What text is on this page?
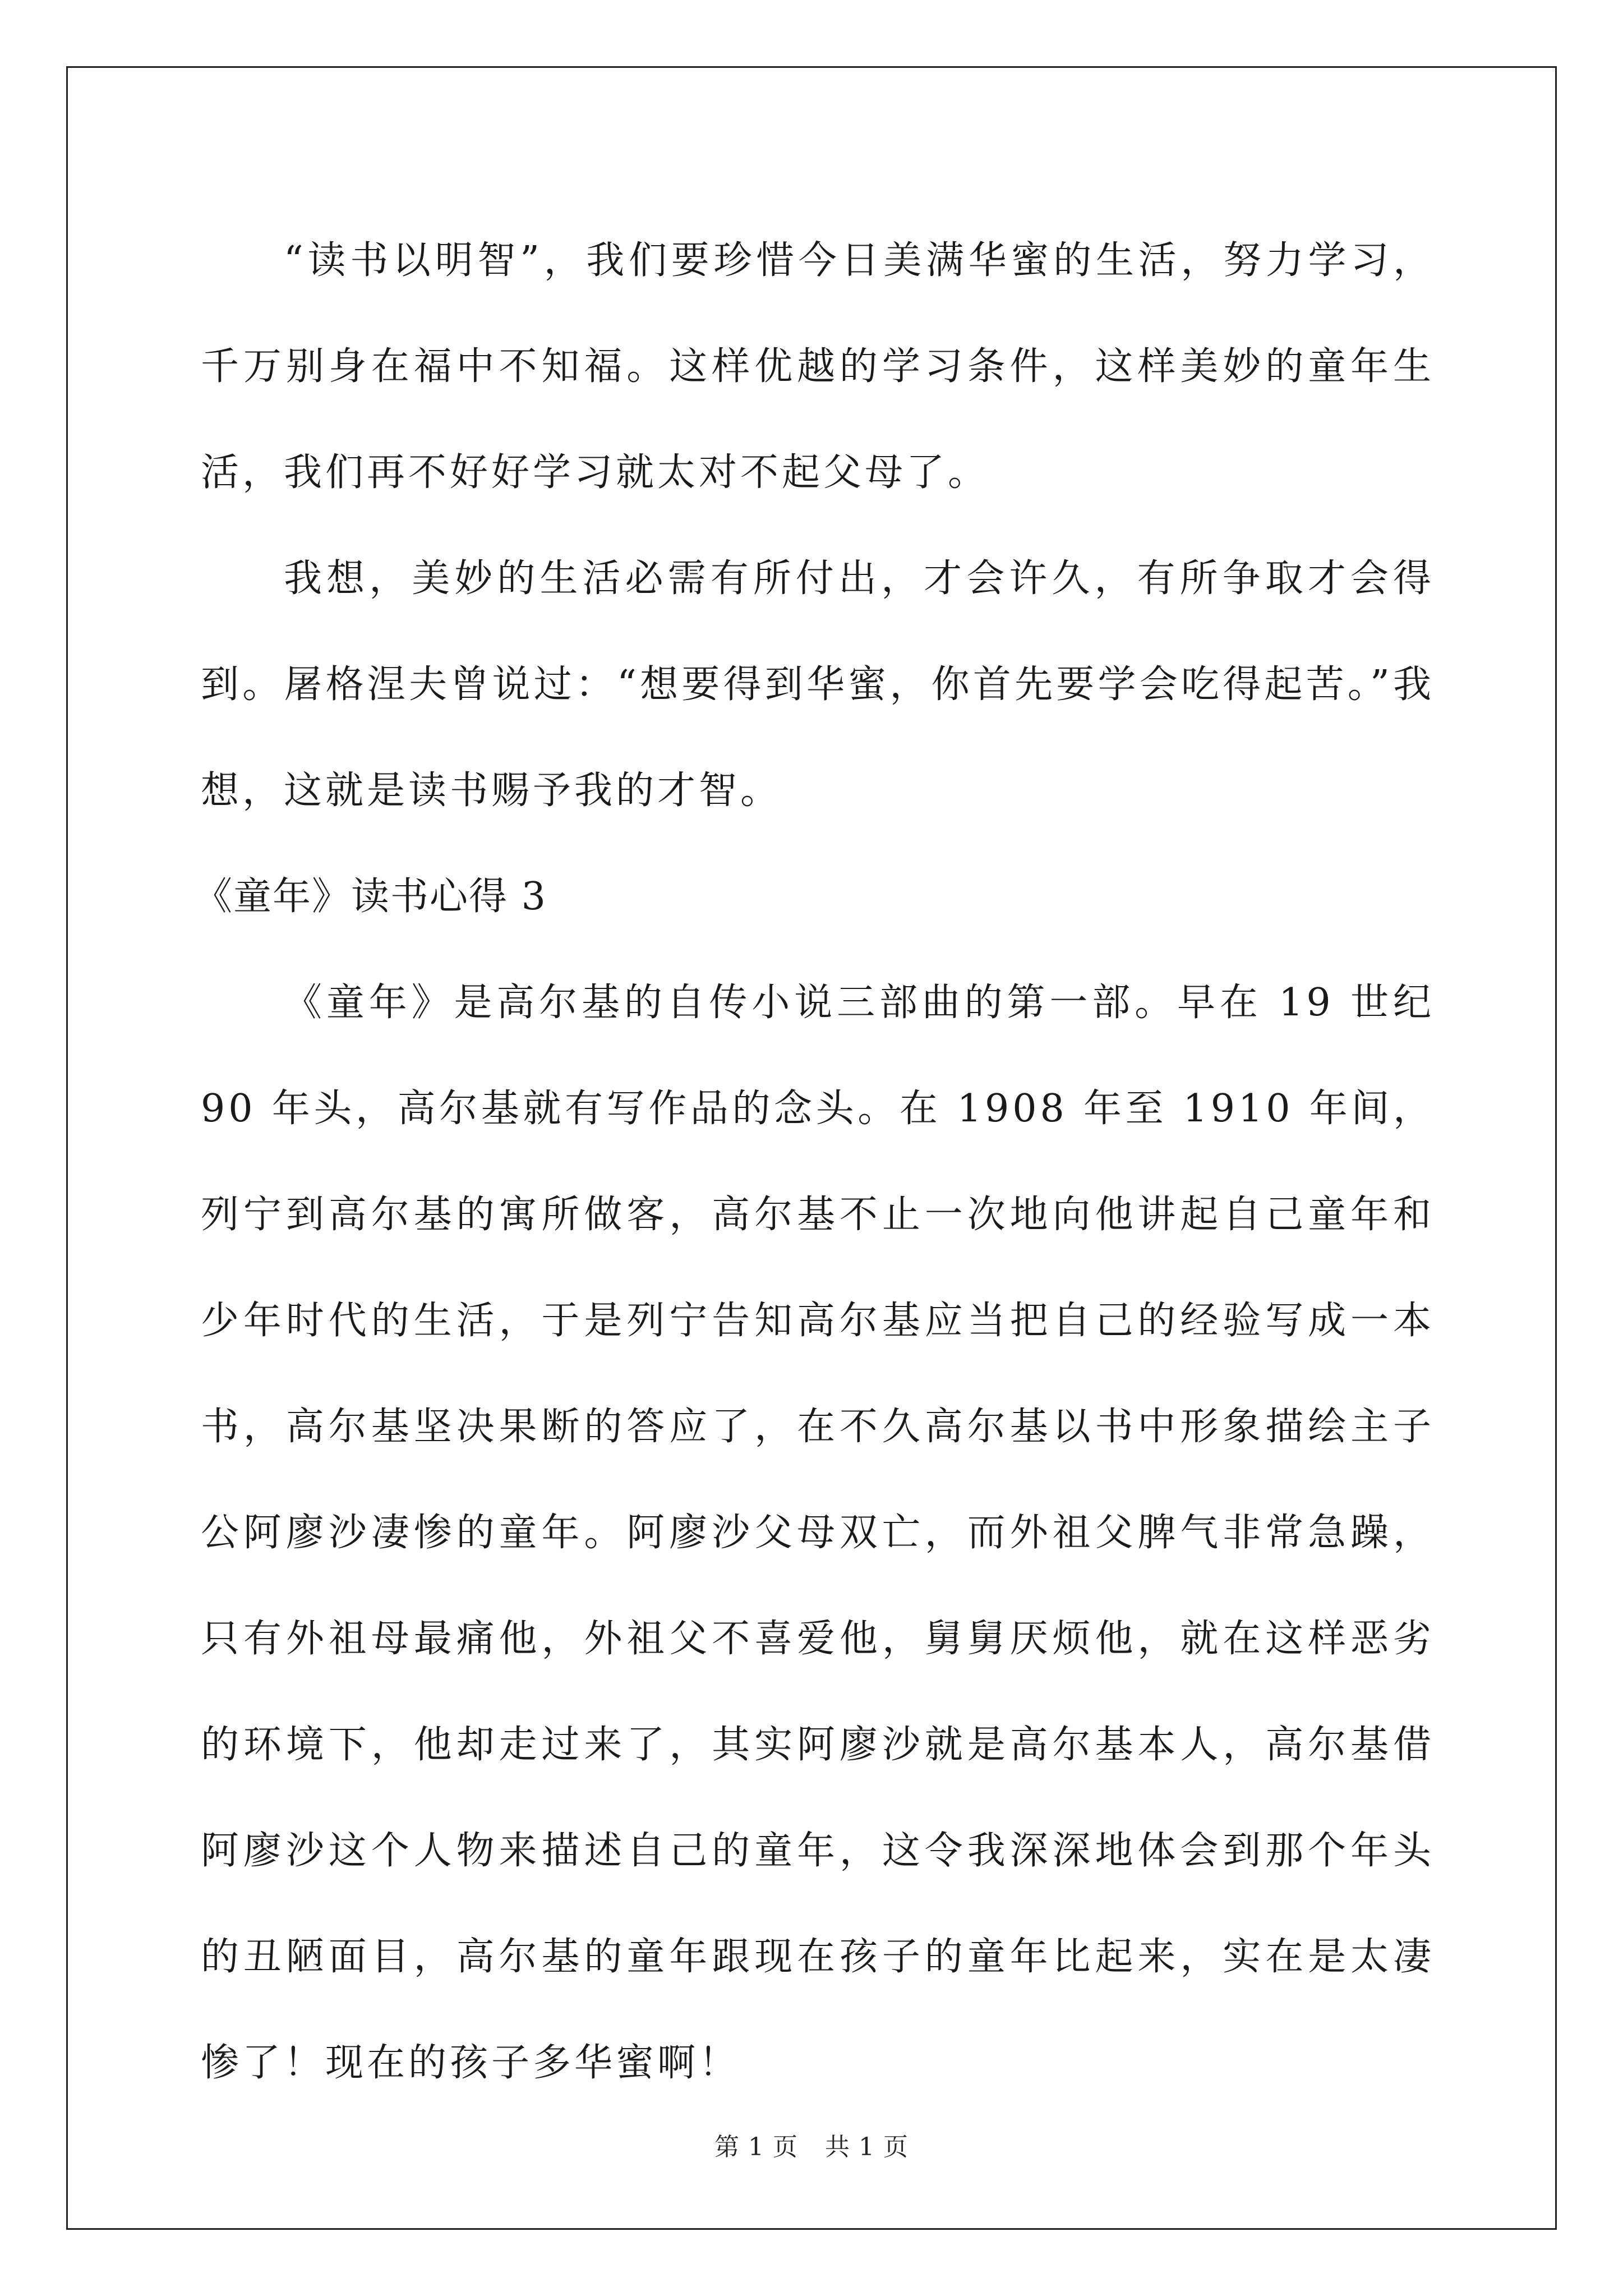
“读书以明智”，我们要珍惜今日美满华蜜的生活，努力学习，千万别身在福中不知福。这样优越的学习条件，这样美妙的童年生活，我们再不好好学习就太对不起父母了。

我想，美妙的生活必需有所付出，才会许久，有所争取才会得到。屠格涅夫曾说过：“想要得到华蜜，你首先要学会吃得起苦。”我想，这就是读书赐予我的才智。

《童年》读书心得 3

《童年》是高尔基的自传小说三部曲的第一部。早在 19 世纪 90 年头，高尔基就有写作品的念头。在 1908 年至 1910 年间，列宁到高尔基的寓所做客，高尔基不止一次地向他讲起自己童年和少年时代的生活，于是列宁告知高尔基应当把自己的经验写成一本书，高尔基坚决果断的答应了，在不久高尔基以书中形象描绘主子公阿廖沙凄惨的童年。阿廖沙父母双亡，而外祖父脾气非常急躁，只有外祖母最痛他，外祖父不喜爱他，舅舅厌烦他，就在这样恶劣的环境下，他却走过来了，其实阿廖沙就是高尔基本人，高尔基借阿廖沙这个人物来描述自己的童年，这令我深深地体会到那个年头的丑陋面目，高尔基的童年跟现在孩子的童年比起来，实在是太凄惨了！现在的孩子多华蜜啊！

第 1 页 共 1 页
